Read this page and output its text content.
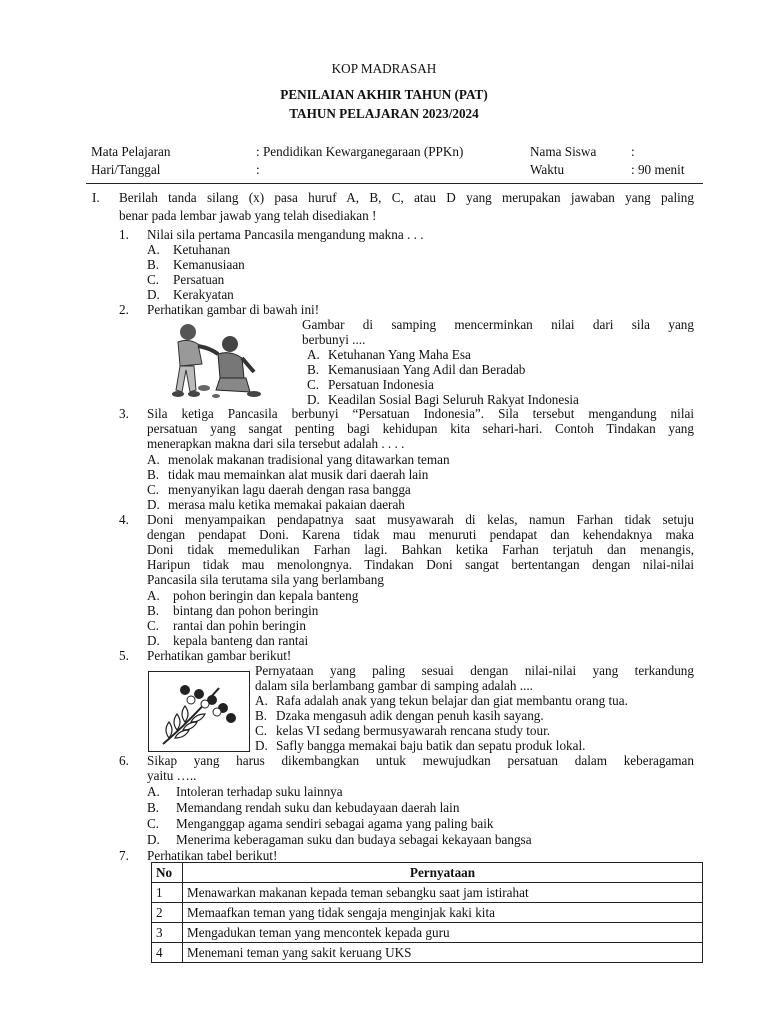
KOP MADRASAH
PENILAIAN AKHIR TAHUN (PAT)
TAHUN PELAJARAN 2023/2024
Mata Pelajaran	: Pendidikan Kewarganegaraan (PPKn)	Nama Siswa	:
Hari/Tanggal	:	Waktu	: 90 menit
I. Berilah tanda silang (x) pasa huruf A, B, C, atau D yang merupakan jawaban yang paling
benar pada lembar jawab yang telah disediakan !
1. Nilai sila pertama Pancasila mengandung makna . . .
A. Ketuhanan
B. Kemanusiaan
C. Persatuan
D. Kerakyatan
2. Perhatikan gambar di bawah ini!
Gambar di samping mencerminkan nilai dari sila yang
berbunyi ....
A. Ketuhanan Yang Maha Esa
B. Kemanusiaan Yang Adil dan Beradab
C. Persatuan Indonesia
D. Keadilan Sosial Bagi Seluruh Rakyat Indonesia
3. Sila ketiga Pancasila berbunyi “Persatuan Indonesia”. Sila tersebut mengandung nilai
persatuan yang sangat penting bagi kehidupan kita sehari-hari. Contoh Tindakan yang
menerapkan makna dari sila tersebut adalah . . . .
A. menolak makanan tradisional yang ditawarkan teman
B. tidak mau memainkan alat musik dari daerah lain
C. menyanyikan lagu daerah dengan rasa bangga
D. merasa malu ketika memakai pakaian daerah
4. Doni menyampaikan pendapatnya saat musyawarah di kelas, namun Farhan tidak setuju
dengan pendapat Doni. Karena tidak mau menuruti pendapat dan kehendaknya maka
Doni tidak memedulikan Farhan lagi. Bahkan ketika Farhan terjatuh dan menangis,
Haripun tidak mau menolongnya. Tindakan Doni sangat bertentangan dengan nilai-nilai
Pancasila sila terutama sila yang berlambang
A. pohon beringin dan kepala banteng
B. bintang dan pohon beringin
C. rantai dan pohin beringin
D. kepala banteng dan rantai
5. Perhatikan gambar berikut!
Pernyataan yang paling sesuai dengan nilai-nilai yang terkandung
dalam sila berlambang gambar di samping adalah ....
A. Rafa adalah anak yang tekun belajar dan giat membantu orang tua.
B. Dzaka mengasuh adik dengan penuh kasih sayang.
C. kelas VI sedang bermusyawarah rencana study tour.
D. Safly bangga memakai baju batik dan sepatu produk lokal.
6. Sikap yang harus dikembangkan untuk mewujudkan persatuan dalam keberagaman
yaitu …..
A. Intoleran terhadap suku lainnya
B. Memandang rendah suku dan kebudayaan daerah lain
C. Menganggap agama sendiri sebagai agama yang paling baik
D. Menerima keberagaman suku dan budaya sebagai kekayaan bangsa
7. Perhatikan tabel berikut!
No	Pernyataan
1	Menawarkan makanan kepada teman sebangku saat jam istirahat
2	Memaafkan teman yang tidak sengaja menginjak kaki kita
3	Mengadukan teman yang mencontek kepada guru
4	Menemani teman yang sakit keruang UKS
